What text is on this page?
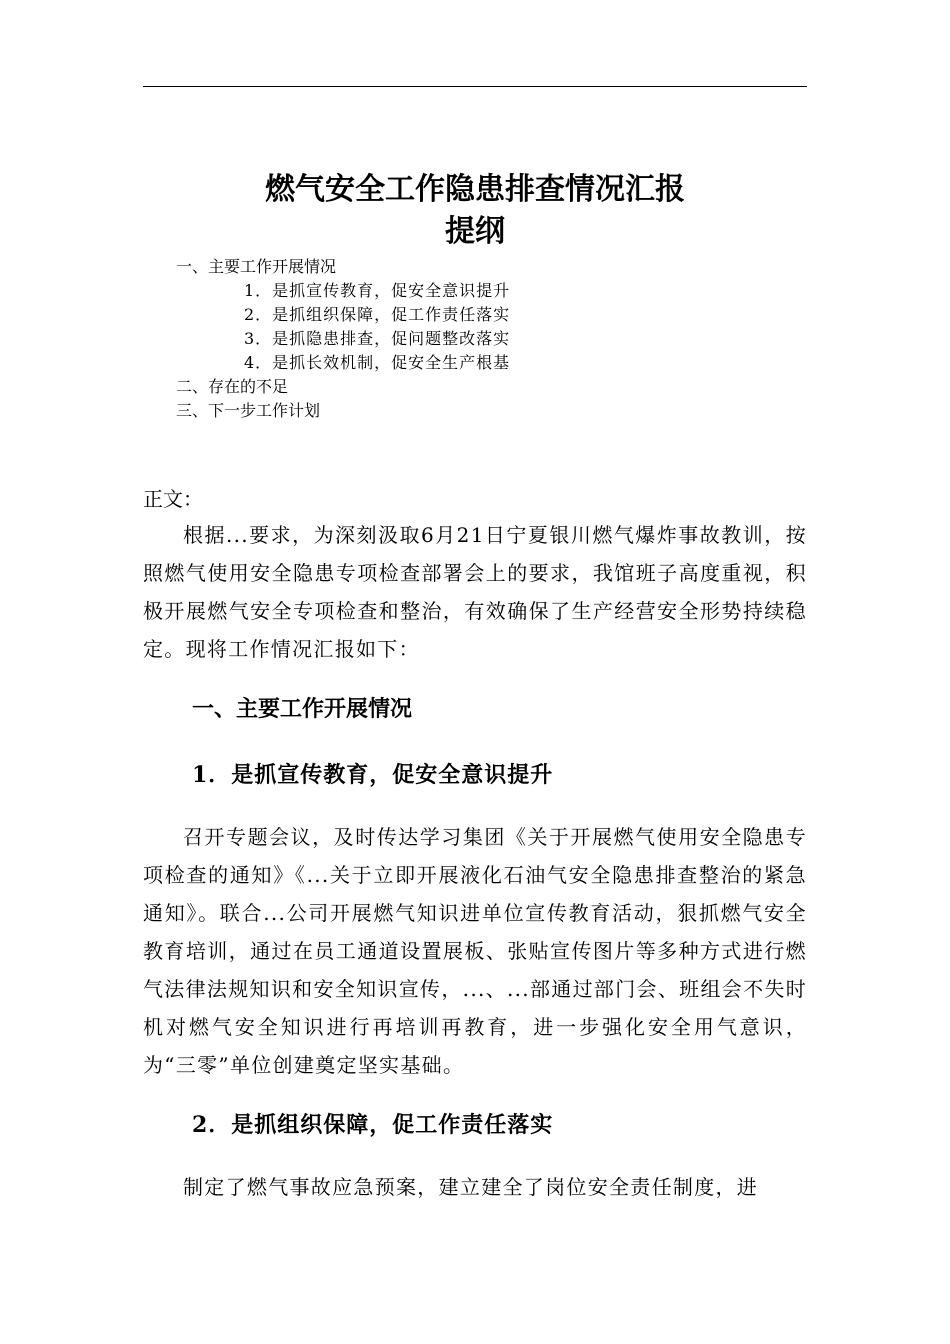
燃气安全工作隐患排查情况汇报
提纲
一、主要工作开展情况
1．是抓宣传教育，促安全意识提升
2．是抓组织保障，促工作责任落实
3．是抓隐患排查，促问题整改落实
4．是抓长效机制，促安全生产根基
二、存在的不足
三、下一步工作计划
正文：

根据...要求，为深刻汲取6月21日宁夏银川燃气爆炸事故教训，按照燃气使用安全隐患专项检查部署会上的要求，我馆班子高度重视，积极开展燃气安全专项检查和整治，有效确保了生产经营安全形势持续稳定。现将工作情况汇报如下：

一、主要工作开展情况
1．是抓宣传教育，促安全意识提升

召开专题会议，及时传达学习集团《关于开展燃气使用安全隐患专项检查的通知》《...关于立即开展液化石油气安全隐患排查整治的紧急通知》。联合...公司开展燃气知识进单位宣传教育活动，狠抓燃气安全教育培训，通过在员工通道设置展板、张贴宣传图片等多种方式进行燃气法律法规知识和安全知识宣传，...、...部通过部门会、班组会不失时机对燃气安全知识进行再培训再教育，进一步强化安全用气意识，为“三零”单位创建奠定坚实基础。

2．是抓组织保障，促工作责任落实

制定了燃气事故应急预案，建立建全了岗位安全责任制度，进
